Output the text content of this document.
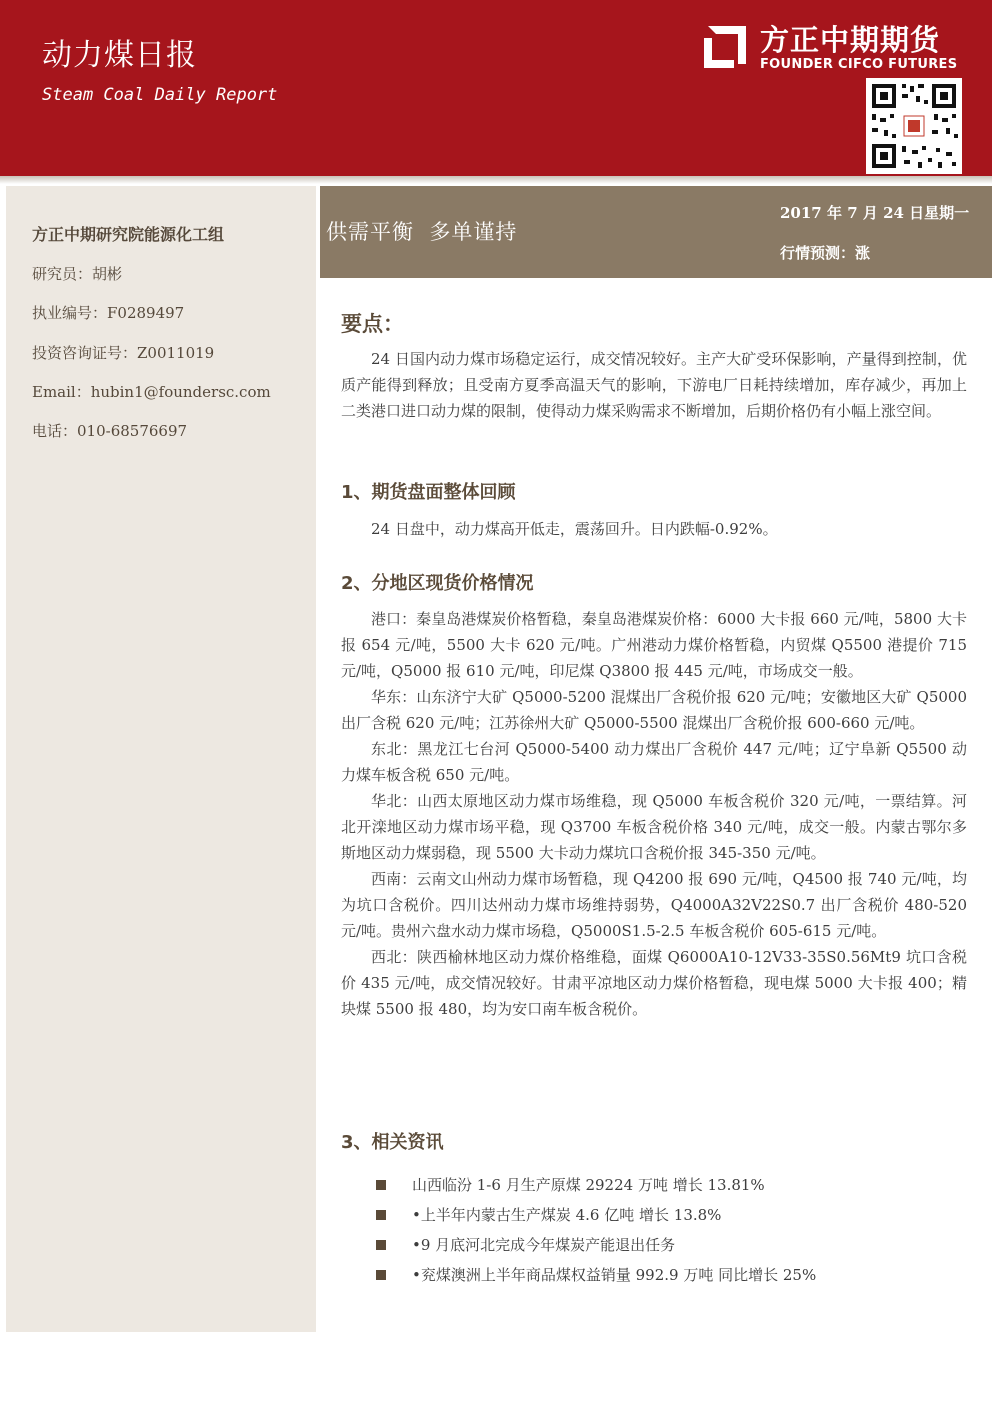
动力煤日报
Steam Coal Daily Report
方正中期期货
FOUNDER CIFCO FUTURES
方正中期研究院能源化工组
研究员：胡彬
执业编号：F0289497
投资咨询证号：Z0011019
Email：hubin1@foundersc.com
电话：010-68576697
供需平衡  多单谨持
2017 年 7 月 24 日星期一
行情预测：涨
要点：

24 日国内动力煤市场稳定运行，成交情况较好。主产大矿受环保影响，产量得到控制，优质产能得到释放；且受南方夏季高温天气的影响，下游电厂日耗持续增加，库存减少，再加上二类港口进口动力煤的限制，使得动力煤采购需求不断增加，后期价格仍有小幅上涨空间。

1、期货盘面整体回顾

24 日盘中，动力煤高开低走，震荡回升。日内跌幅-0.92%。

2、分地区现货价格情况

港口：秦皇岛港煤炭价格暂稳，秦皇岛港煤炭价格：6000 大卡报 660 元/吨，5800 大卡报 654 元/吨，5500 大卡 620 元/吨。广州港动力煤价格暂稳，内贸煤 Q5500 港提价 715 元/吨，Q5000 报 610 元/吨，印尼煤 Q3800 报 445 元/吨，市场成交一般。

华东：山东济宁大矿 Q5000-5200 混煤出厂含税价报 620 元/吨；安徽地区大矿 Q5000 出厂含税 620 元/吨；江苏徐州大矿 Q5000-5500 混煤出厂含税价报 600-660 元/吨。

东北：黑龙江七台河 Q5000-5400 动力煤出厂含税价 447 元/吨；辽宁阜新 Q5500 动力煤车板含税 650 元/吨。

华北：山西太原地区动力煤市场维稳，现 Q5000 车板含税价 320 元/吨，一票结算。河北开滦地区动力煤市场平稳，现 Q3700 车板含税价格 340 元/吨，成交一般。内蒙古鄂尔多斯地区动力煤弱稳，现 5500 大卡动力煤坑口含税价报 345-350 元/吨。

西南：云南文山州动力煤市场暂稳，现 Q4200 报 690 元/吨，Q4500 报 740 元/吨，均为坑口含税价。四川达州动力煤市场维持弱势，Q4000A32V22S0.7 出厂含税价 480-520 元/吨。贵州六盘水动力煤市场稳，Q5000S1.5-2.5 车板含税价 605-615 元/吨。

西北：陕西榆林地区动力煤价格维稳，面煤 Q6000A10-12V33-35S0.56Mt9 坑口含税价 435 元/吨，成交情况较好。甘肃平凉地区动力煤价格暂稳，现电煤 5000 大卡报 400；精块煤 5500 报 480，均为安口南车板含税价。

3、相关资讯
山西临汾 1-6 月生产原煤 29224 万吨 增长 13.81%
•上半年内蒙古生产煤炭 4.6 亿吨 增长 13.8%
•9 月底河北完成今年煤炭产能退出任务
•兖煤澳洲上半年商品煤权益销量 992.9 万吨 同比增长 25%
